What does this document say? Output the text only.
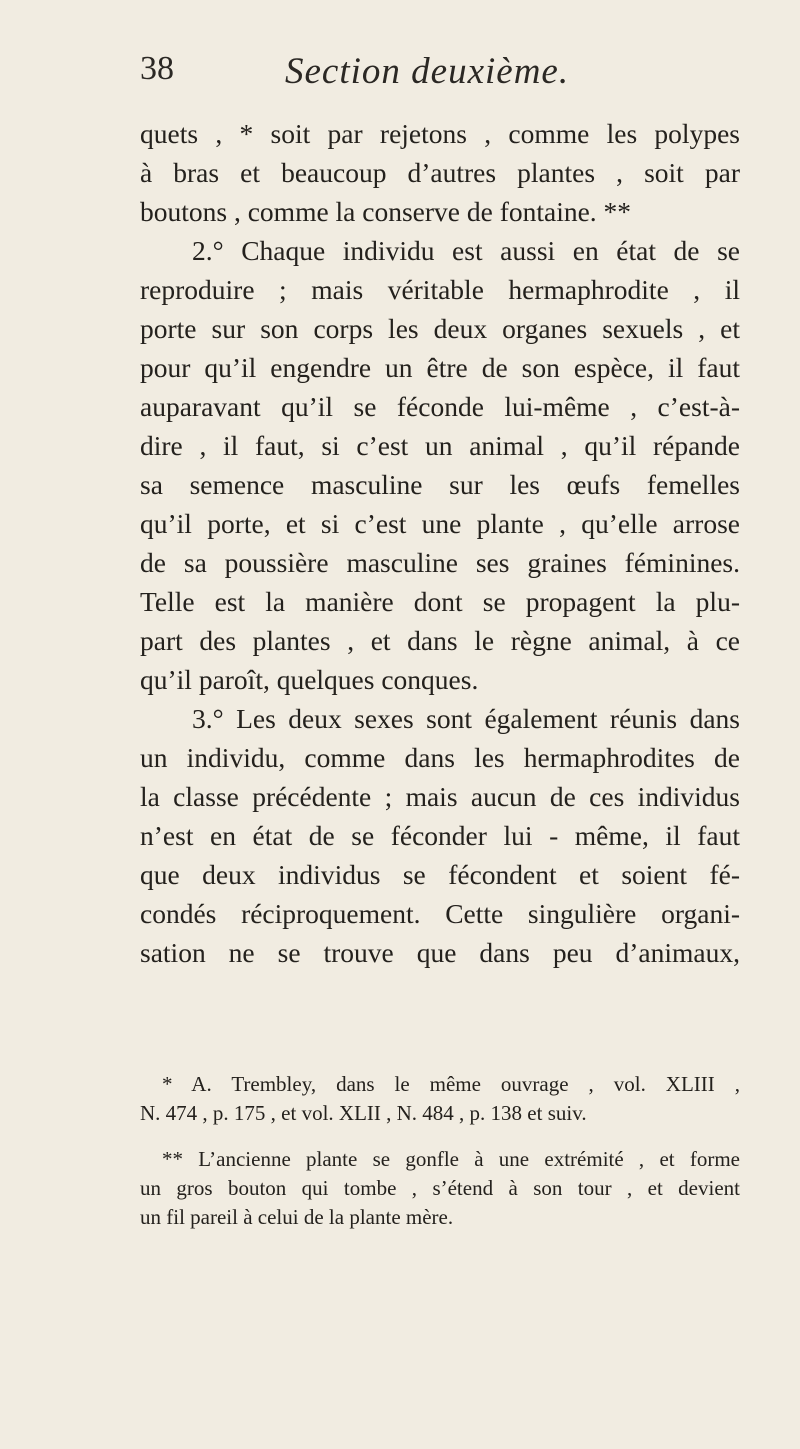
38	Section deuxième.
quets , * soit par rejetons , comme les polypes
à bras et beaucoup d’autres plantes , soit par
boutons , comme la conserve de fontaine. **
2.° Chaque individu est aussi en état de se
reproduire ; mais véritable hermaphrodite , il
porte sur son corps les deux organes sexuels , et
pour qu’il engendre un être de son espèce, il faut
auparavant qu’il se féconde lui-même , c’est-à-
dire , il faut, si c’est un animal , qu’il répande
sa semence masculine sur les œufs femelles
qu’il porte, et si c’est une plante , qu’elle arrose
de sa poussière masculine ses graines féminines.
Telle est la manière dont se propagent la plu-
part des plantes , et dans le règne animal, à ce
qu’il paroît, quelques conques.
3.° Les deux sexes sont également réunis dans
un individu, comme dans les hermaphrodites de
la classe précédente ; mais aucun de ces individus
n’est en état de se féconder lui - même, il faut
que deux individus se fécondent et soient fé-
condés réciproquement. Cette singulière organi-
sation ne se trouve que dans peu d’animaux,
* A. Trembley, dans le même ouvrage , vol. XLIII ,
N. 474 , p. 175 , et vol. XLII , N. 484 , p. 138 et suiv.
** L’ancienne plante se gonfle à une extrémité , et forme
un gros bouton qui tombe , s’étend à son tour , et devient
un fil pareil à celui de la plante mère.
